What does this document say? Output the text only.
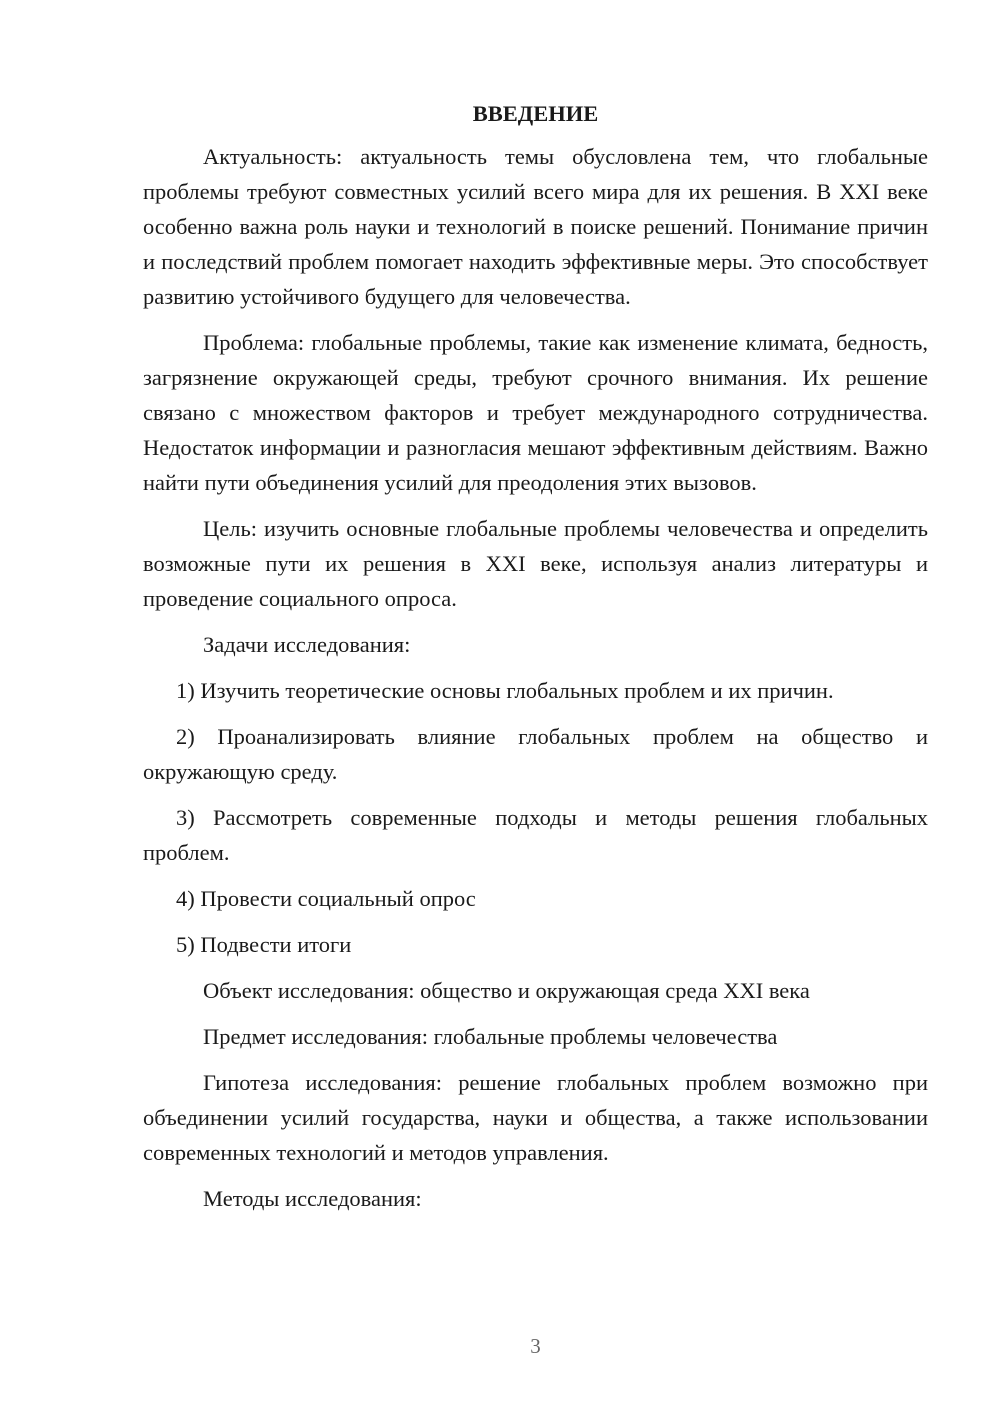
ВВЕДЕНИЕ

Актуальность: актуальность темы обусловлена тем, что глобальные проблемы требуют совместных усилий всего мира для их решения. В XXI веке особенно важна роль науки и технологий в поиске решений. Понимание причин и последствий проблем помогает находить эффективные меры. Это способствует развитию устойчивого будущего для человечества.

Проблема: глобальные проблемы, такие как изменение климата, бедность, загрязнение окружающей среды, требуют срочного внимания. Их решение связано с множеством факторов и требует международного сотрудничества. Недостаток информации и разногласия мешают эффективным действиям. Важно найти пути объединения усилий для преодоления этих вызовов.

Цель: изучить основные глобальные проблемы человечества и определить возможные пути их решения в XXI веке, используя анализ литературы и проведение социального опроса.

Задачи исследования:

1) Изучить теоретические основы глобальных проблем и их причин.

2) Проанализировать влияние глобальных проблем на общество и окружающую среду.

3) Рассмотреть современные подходы и методы решения глобальных проблем.

4) Провести социальный опрос

5) Подвести итоги

Объект исследования: общество и окружающая среда XXI века

Предмет исследования: глобальные проблемы человечества

Гипотеза исследования: решение глобальных проблем возможно при объединении усилий государства, науки и общества, а также использовании современных технологий и методов управления.

Методы исследования:

3
